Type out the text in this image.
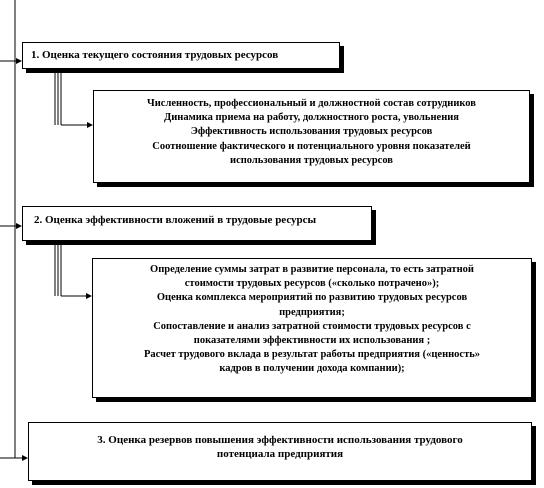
1. Оценка текущего состояния трудовых ресурсов

Численность, профессиональный и должностной состав сотрудников

Динамика приема на работу, должностного роста, увольнения

Эффективность использования трудовых ресурсов

Соотношение фактического и потенциального уровня показателей

использования трудовых ресурсов

2. Оценка эффективности вложений в трудовые ресурсы

Определение суммы затрат в развитие персонала, то есть затратной

стоимости трудовых ресурсов («сколько потрачено»);

Оценка комплекса мероприятий по развитию трудовых ресурсов

предприятия;

Сопоставление и анализ затратной стоимости трудовых ресурсов с

показателями эффективности их использования ;

Расчет трудового вклада в результат работы предприятия («ценность»

кадров в получении дохода компании);

3. Оценка резервов повышения эффективности использования трудового

потенциала предприятия
